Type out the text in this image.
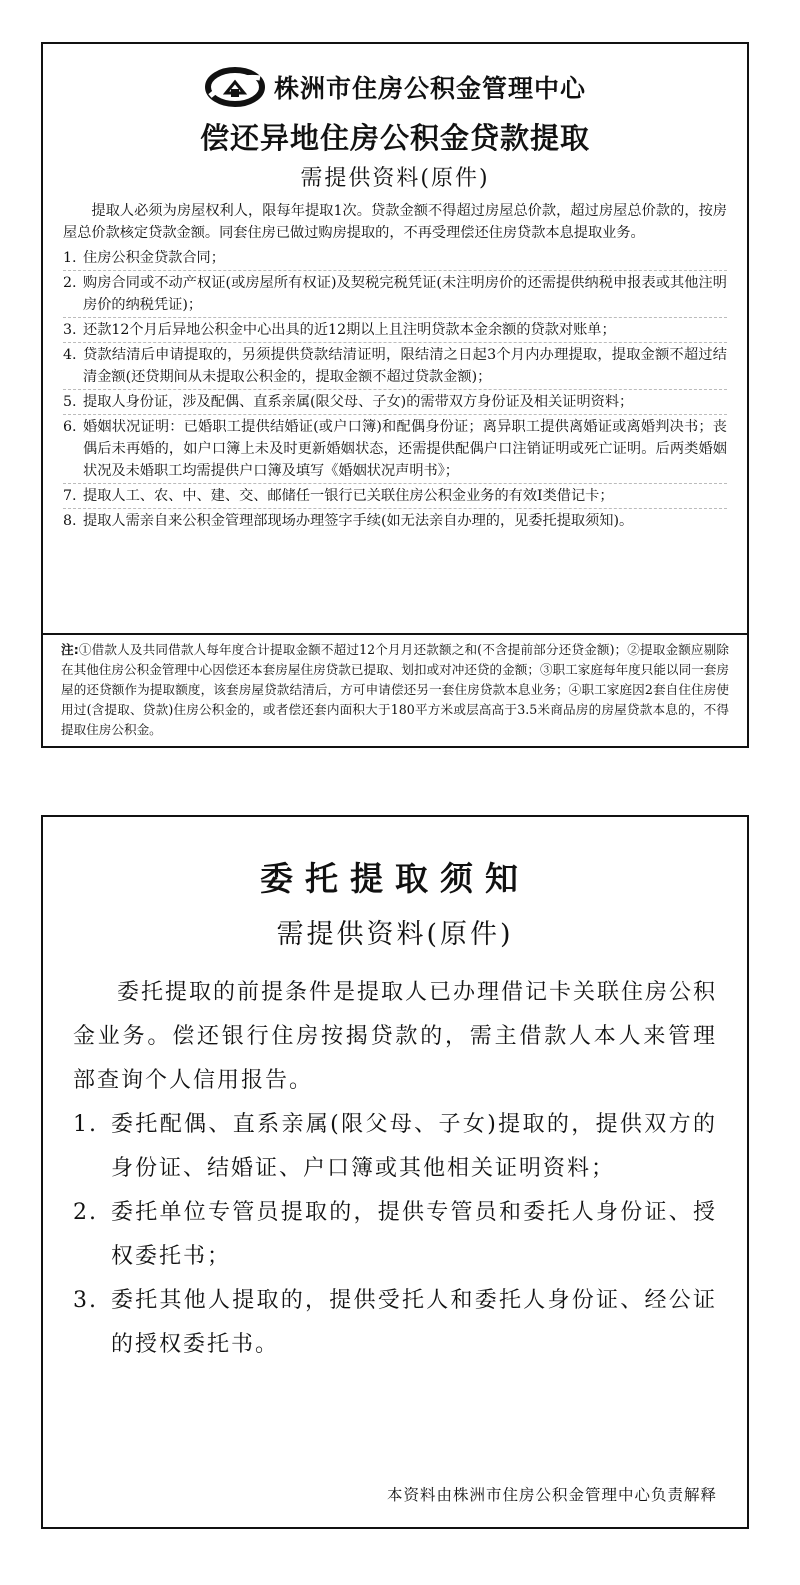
株洲市住房公积金管理中心
偿还异地住房公积金贷款提取
需提供资料(原件)
提取人必须为房屋权利人，限每年提取1次。贷款金额不得超过房屋总价款，超过房屋总价款的，按房屋总价款核定贷款金额。同套住房已做过购房提取的，不再受理偿还住房贷款本息提取业务。
1. 住房公积金贷款合同；
2. 购房合同或不动产权证(或房屋所有权证)及契税完税凭证(未注明房价的还需提供纳税申报表或其他注明房价的纳税凭证)；
3. 还款12个月后异地公积金中心出具的近12期以上且注明贷款本金余额的贷款对账单；
4. 贷款结清后申请提取的，另须提供贷款结清证明，限结清之日起3个月内办理提取，提取金额不超过结清金额(还贷期间从未提取公积金的，提取金额不超过贷款金额)；
5. 提取人身份证，涉及配偶、直系亲属(限父母、子女)的需带双方身份证及相关证明资料；
6. 婚姻状况证明：已婚职工提供结婚证(或户口簿)和配偶身份证；离异职工提供离婚证或离婚判决书；丧偶后未再婚的，如户口簿上未及时更新婚姻状态，还需提供配偶户口注销证明或死亡证明。后两类婚姻状况及未婚职工均需提供户口簿及填写《婚姻状况声明书》；
7. 提取人工、农、中、建、交、邮储任一银行已关联住房公积金业务的有效Ⅰ类借记卡；
8. 提取人需亲自来公积金管理部现场办理签字手续(如无法亲自办理的，见委托提取须知)。
注:①借款人及共同借款人每年度合计提取金额不超过12个月月还款额之和(不含提前部分还贷金额)；②提取金额应剔除在其他住房公积金管理中心因偿还本套房屋住房贷款已提取、划扣或对冲还贷的金额；③职工家庭每年度只能以同一套房屋的还贷额作为提取额度，该套房屋贷款结清后，方可申请偿还另一套住房贷款本息业务；④职工家庭因2套自住住房使用过(含提取、贷款)住房公积金的，或者偿还套内面积大于180平方米或层高高于3.5米商品房的房屋贷款本息的，不得提取住房公积金。
委托提取须知
需提供资料(原件)
委托提取的前提条件是提取人已办理借记卡关联住房公积金业务。偿还银行住房按揭贷款的，需主借款人本人来管理部查询个人信用报告。
1. 委托配偶、直系亲属(限父母、子女)提取的，提供双方的身份证、结婚证、户口簿或其他相关证明资料；
2. 委托单位专管员提取的，提供专管员和委托人身份证、授权委托书；
3. 委托其他人提取的，提供受托人和委托人身份证、经公证的授权委托书。
本资料由株洲市住房公积金管理中心负责解释
